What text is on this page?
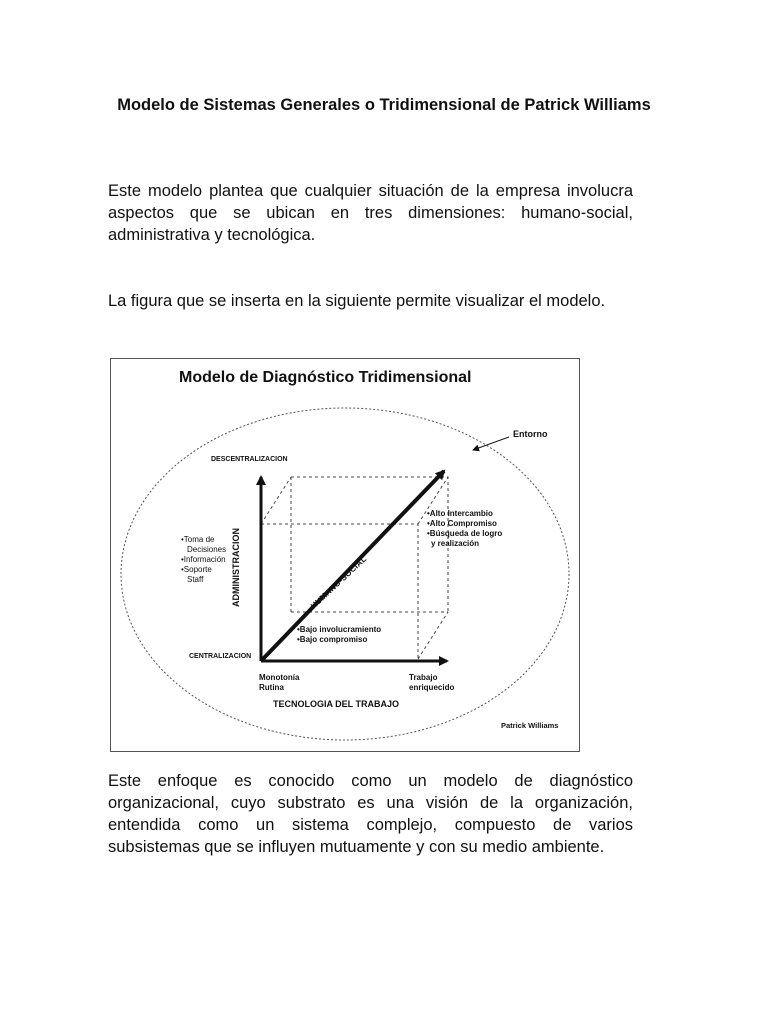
Modelo de Sistemas Generales o Tridimensional de Patrick Williams

Este modelo plantea que cualquier situación de la empresa involucra aspectos que se ubican en tres dimensiones: humano-social, administrativa y tecnológica.

La figura que se inserta en la siguiente permite visualizar el modelo.

Modelo de Diagnóstico Tridimensional
Entorno
DESCENTRALIZACION
CENTRALIZACION
ADMINISTRACION	HUMANO-SOCIAL
•Toma de
Decisiones
•Información
•Soporte
Staff
•Alto Intercambio
•Alto Compromiso
•Búsqueda de logro
y realización
•Bajo involucramiento
•Bajo compromiso
Monotonía
Rutina
Trabajo
enriquecido
TECNOLOGIA DEL TRABAJO
Patrick Williams

Este enfoque es conocido como un modelo de diagnóstico organizacional, cuyo substrato es una visión de la organización, entendida como un sistema complejo, compuesto de varios subsistemas que se influyen mutuamente y con su medio ambiente.
